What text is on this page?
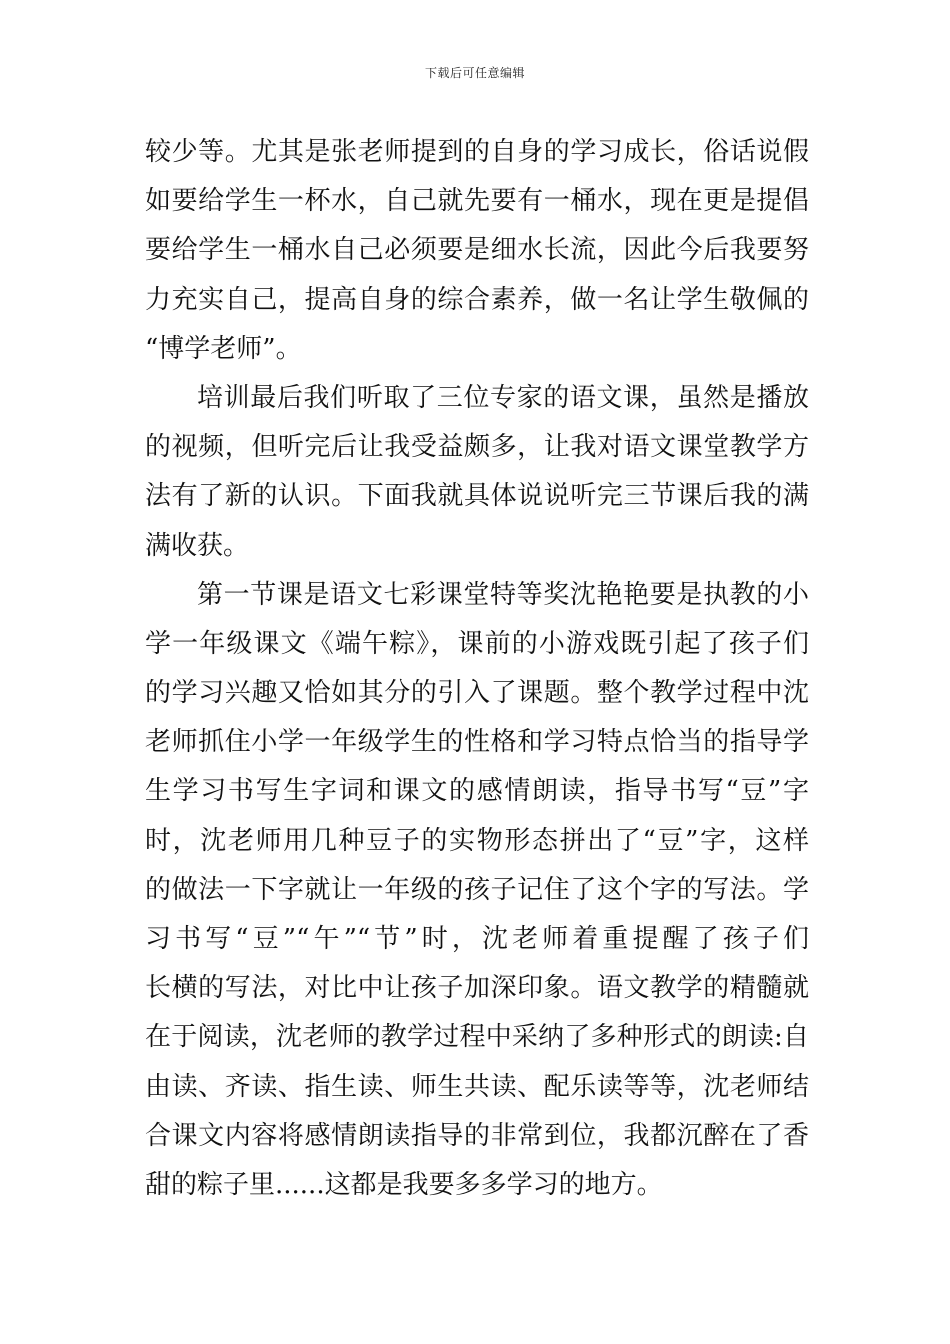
下载后可任意编辑
较少等。尤其是张老师提到的自身的学习成长，俗话说假
如要给学生一杯水，自己就先要有一桶水，现在更是提倡
要给学生一桶水自己必须要是细水长流，因此今后我要努
力充实自己，提高自身的综合素养，做一名让学生敬佩的
“博学老师”。
培训最后我们听取了三位专家的语文课，虽然是播放
的视频，但听完后让我受益颇多，让我对语文课堂教学方
法有了新的认识。下面我就具体说说听完三节课后我的满
满收获。
第一节课是语文七彩课堂特等奖沈艳艳要是执教的小
学一年级课文《端午粽》，课前的小游戏既引起了孩子们
的学习兴趣又恰如其分的引入了课题。整个教学过程中沈
老师抓住小学一年级学生的性格和学习特点恰当的指导学
生学习书写生字词和课文的感情朗读，指导书写“豆”字
时，沈老师用几种豆子的实物形态拼出了“豆”字，这样
的做法一下字就让一年级的孩子记住了这个字的写法。学
习书写“豆”“午”“节”时，沈老师着重提醒了孩子们
长横的写法，对比中让孩子加深印象。语文教学的精髓就
在于阅读，沈老师的教学过程中采纳了多种形式的朗读:自
由读、齐读、指生读、师生共读、配乐读等等，沈老师结
合课文内容将感情朗读指导的非常到位，我都沉醉在了香
甜的粽子里......这都是我要多多学习的地方。
